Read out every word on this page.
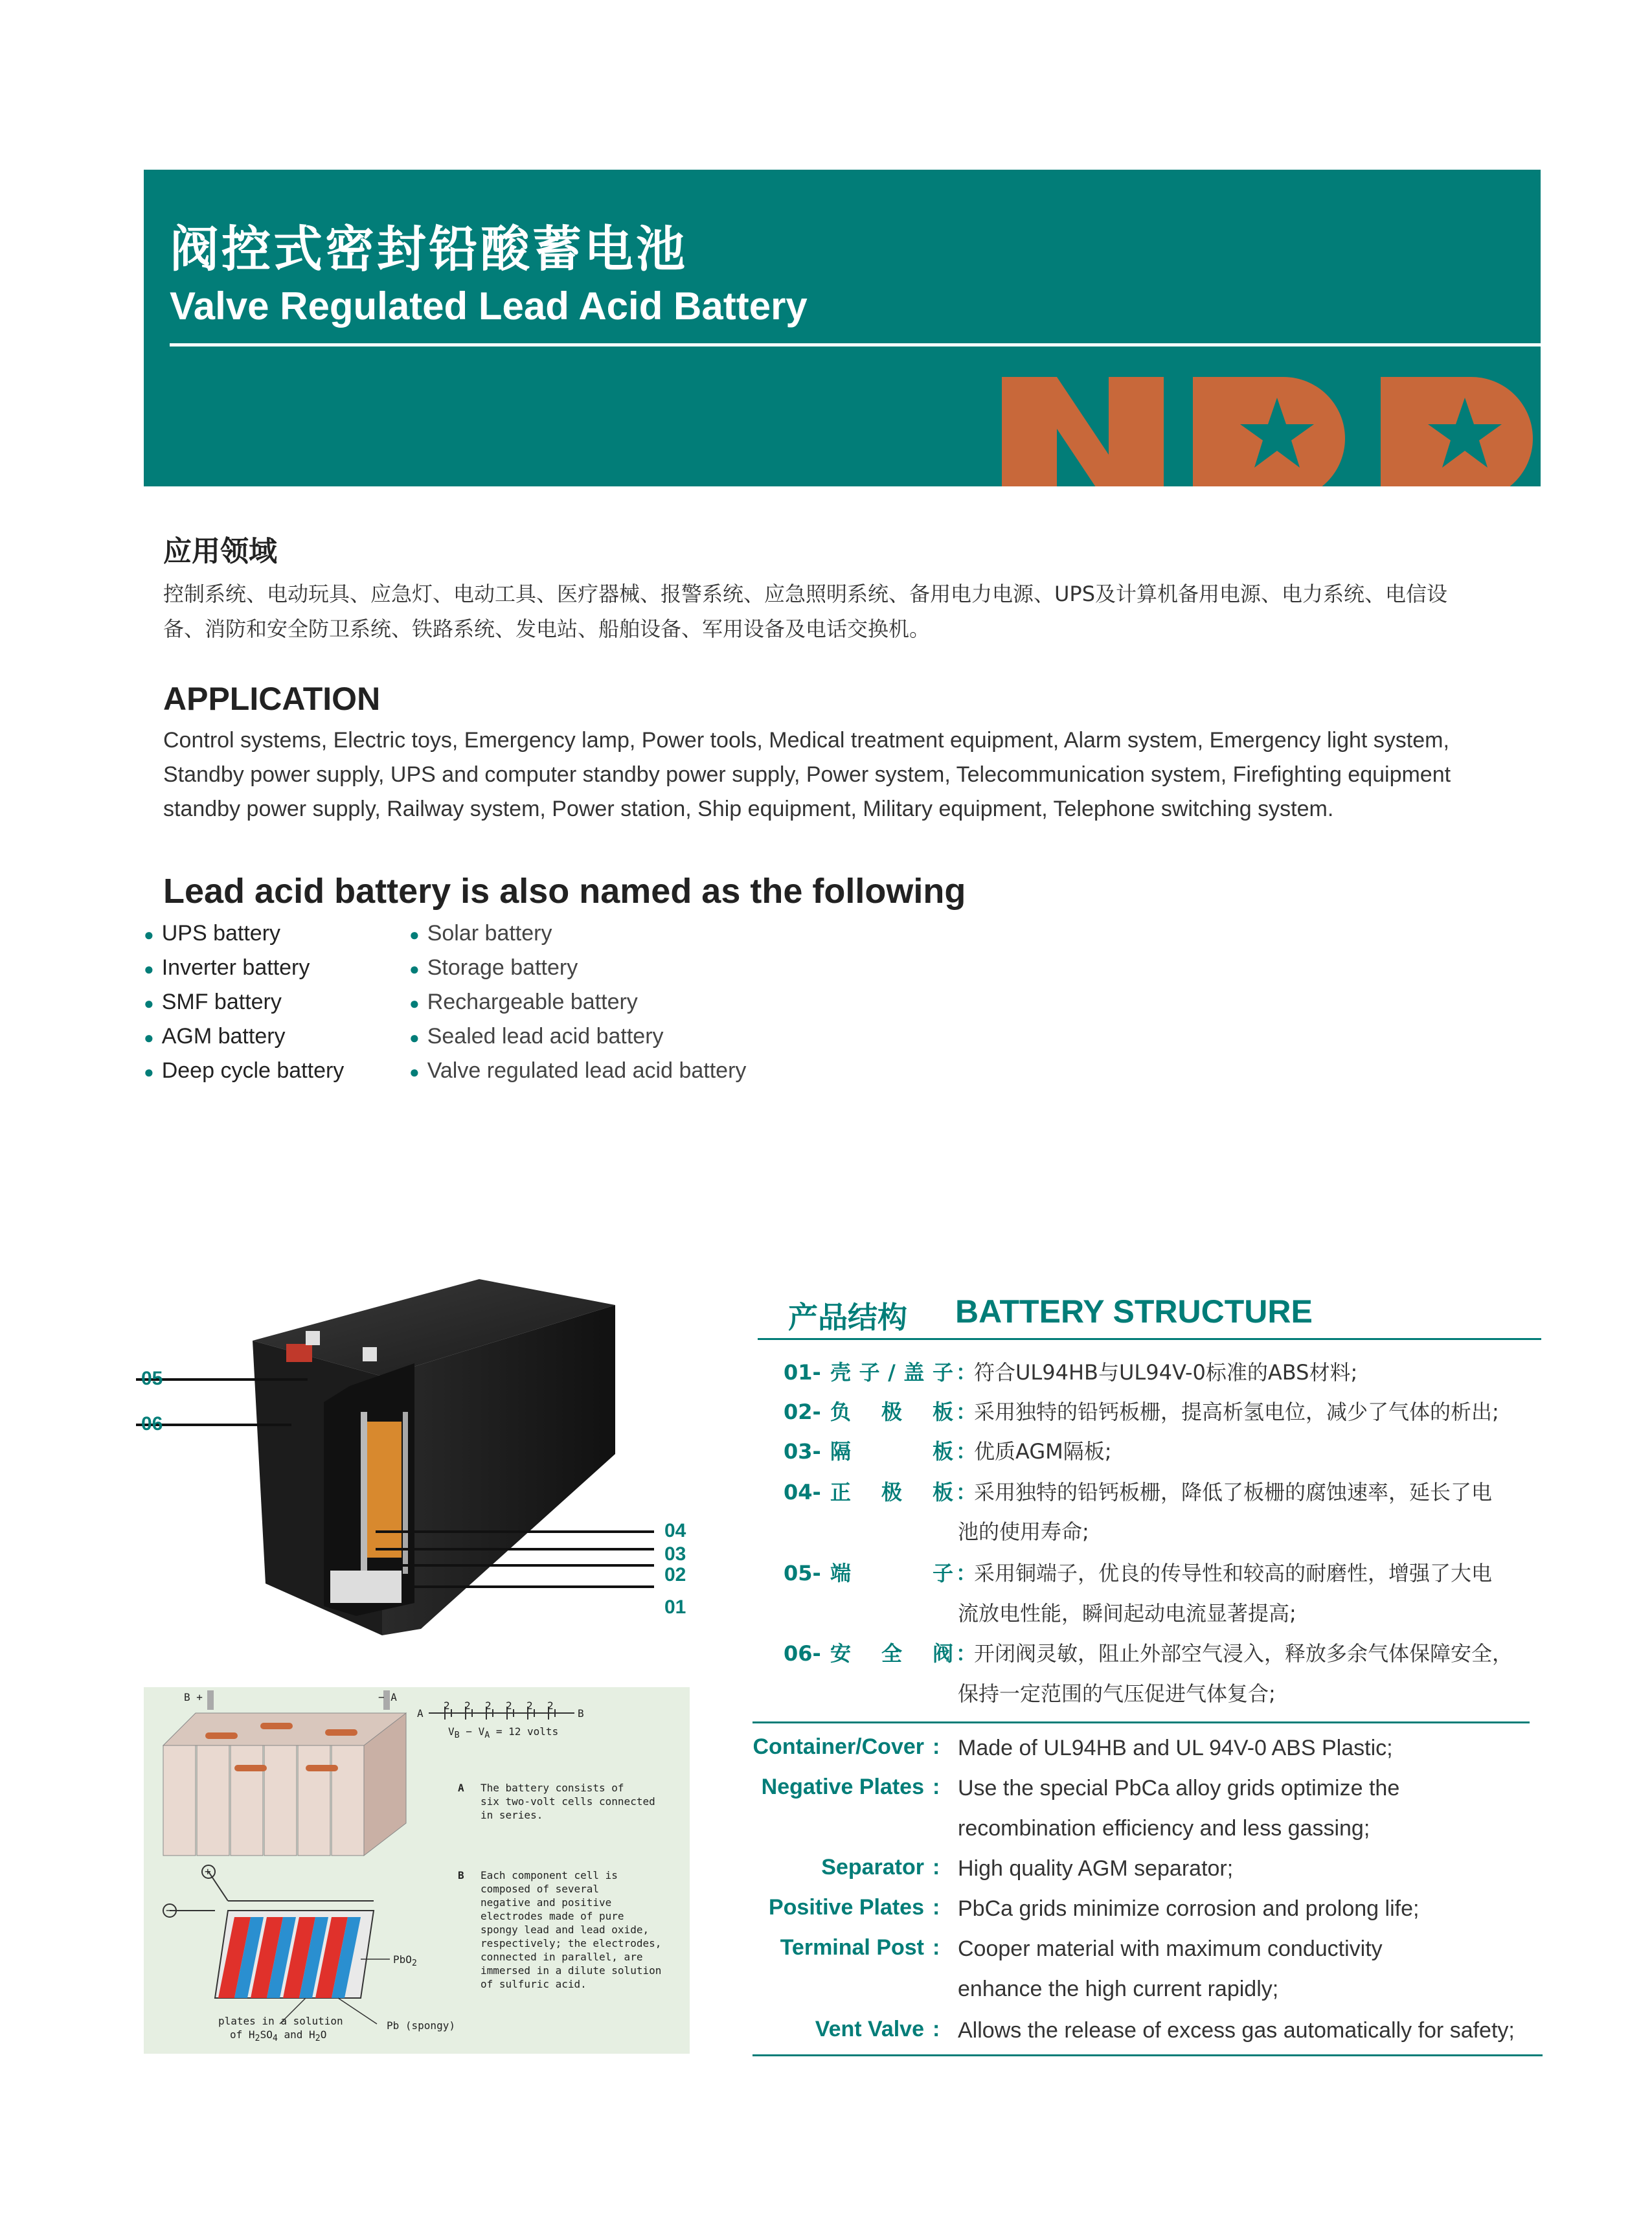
阀控式密封铅酸蓄电池
Valve Regulated Lead Acid Battery
应用领域
控制系统、电动玩具、应急灯、电动工具、医疗器械、报警系统、应急照明系统、备用电力电源、UPS及计算机备用电源、电力系统、电信设
备、消防和安全防卫系统、铁路系统、发电站、船舶设备、军用设备及电话交换机。
APPLICATION
Control systems, Electric toys, Emergency lamp, Power tools, Medical treatment equipment, Alarm system, Emergency light system,
Standby power supply, UPS and computer standby power supply, Power system, Telecommunication system, Firefighting equipment
standby power supply, Railway system, Power station, Ship equipment, Military equipment, Telephone switching system.
Lead acid battery is also named as the following
● UPS battery
● Inverter battery
● SMF battery
● AGM battery
● Deep cycle battery
● Solar battery
● Storage battery
● Rechargeable battery
● Sealed lead acid battery
● Valve regulated lead acid battery
05
06
04
03
02
01
B +	− A
2 2 2 2 2 2
A	B
$V_B - V_A = 12$ volts
A The battery consists of
six two-volt cells connected
in series.
B Each component cell is
composed of several
negative and positive
electrodes made of pure
spongy lead and lead oxide,
respectively; the electrodes,
connected in parallel, are
immersed in a dilute solution
of sulfuric acid.
+
−
PbO$_2$
Pb (spongy)
plates in a solution
of $H_2SO_4$ and $H_2O$
产品结构 BATTERY STRUCTURE
01- 壳子/盖子 ：符合UL94HB与UL94V-0标准的ABS材料;
02- 负极板 ：采用独特的铅钙板栅，提高析氢电位，减少了气体的析出;
03- 隔板 ：优质AGM隔板;
04- 正极板 ：采用独特的铅钙板栅，降低了板栅的腐蚀速率，延长了电
池的使用寿命;
05- 端子 ：采用铜端子，优良的传导性和较高的耐磨性，增强了大电
流放电性能，瞬间起动电流显著提高;
06- 安全阀 ：开闭阀灵敏，阻止外部空气浸入，释放多余气体保障安全，
保持一定范围的气压促进气体复合;
Container/Cover : Made of UL94HB and UL 94V-0 ABS Plastic;
Negative Plates : Use the special PbCa alloy grids optimize the
recombination efficiency and less gassing;
Separator : High quality AGM separator;
Positive Plates : PbCa grids minimize corrosion and prolong life;
Terminal Post : Cooper material with maximum conductivity
enhance the high current rapidly;
Vent Valve : Allows the release of excess gas automatically for safety;
